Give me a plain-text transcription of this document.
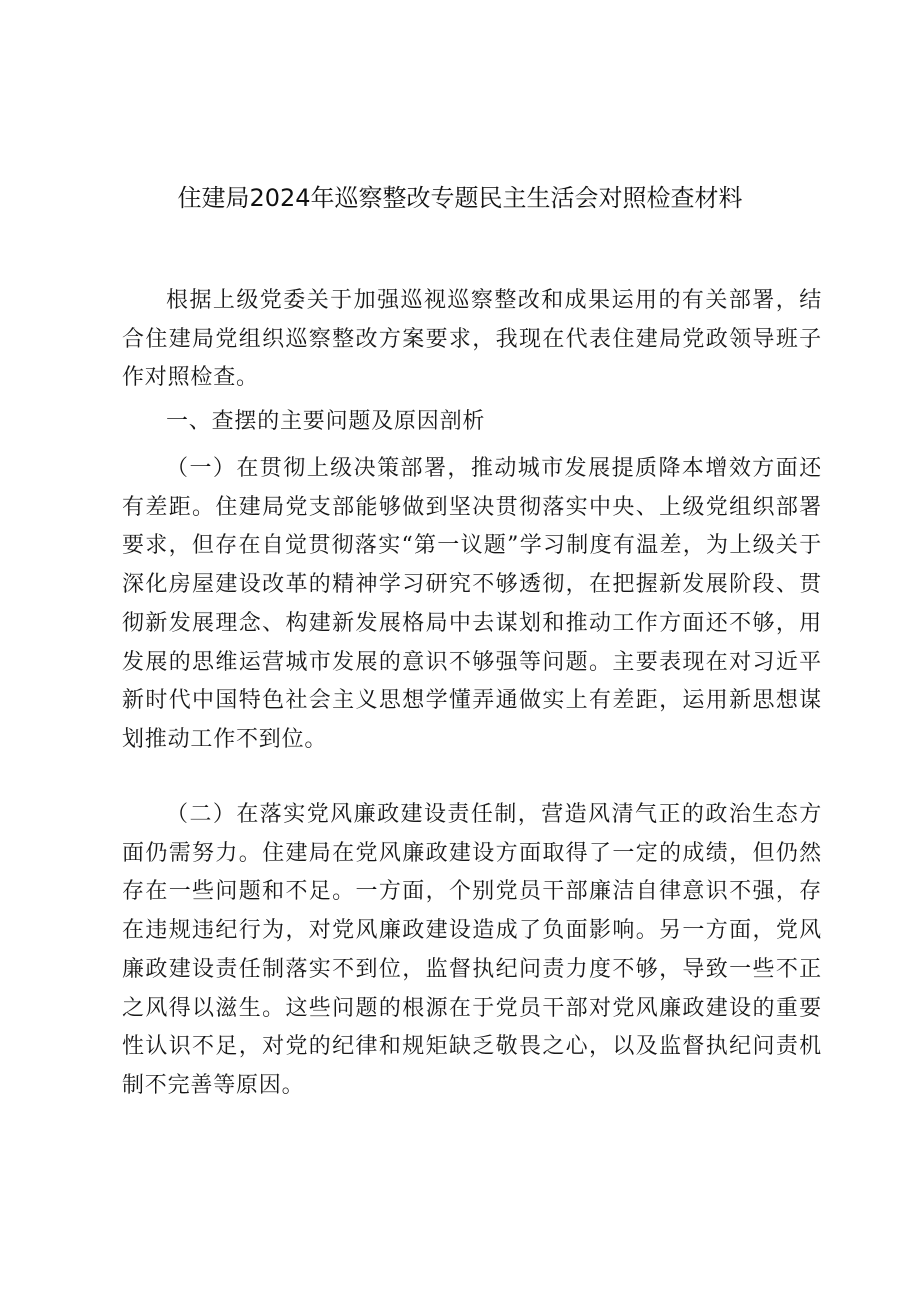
住建局2024年巡察整改专题民主生活会对照检查材料

根据上级党委关于加强巡视巡察整改和成果运用的有关部署，结合住建局党组织巡察整改方案要求，我现在代表住建局党政领导班子作对照检查。

一、查摆的主要问题及原因剖析

（一）在贯彻上级决策部署，推动城市发展提质降本增效方面还有差距。住建局党支部能够做到坚决贯彻落实中央、上级党组织部署要求，但存在自觉贯彻落实“第一议题”学习制度有温差，为上级关于深化房屋建设改革的精神学习研究不够透彻，在把握新发展阶段、贯彻新发展理念、构建新发展格局中去谋划和推动工作方面还不够，用发展的思维运营城市发展的意识不够强等问题。主要表现在对习近平新时代中国特色社会主义思想学懂弄通做实上有差距，运用新思想谋划推动工作不到位。

（二）在落实党风廉政建设责任制，营造风清气正的政治生态方面仍需努力。住建局在党风廉政建设方面取得了一定的成绩，但仍然存在一些问题和不足。一方面，个别党员干部廉洁自律意识不强，存在违规违纪行为，对党风廉政建设造成了负面影响。另一方面，党风廉政建设责任制落实不到位，监督执纪问责力度不够，导致一些不正之风得以滋生。这些问题的根源在于党员干部对党风廉政建设的重要性认识不足，对党的纪律和规矩缺乏敬畏之心，以及监督执纪问责机制不完善等原因。
